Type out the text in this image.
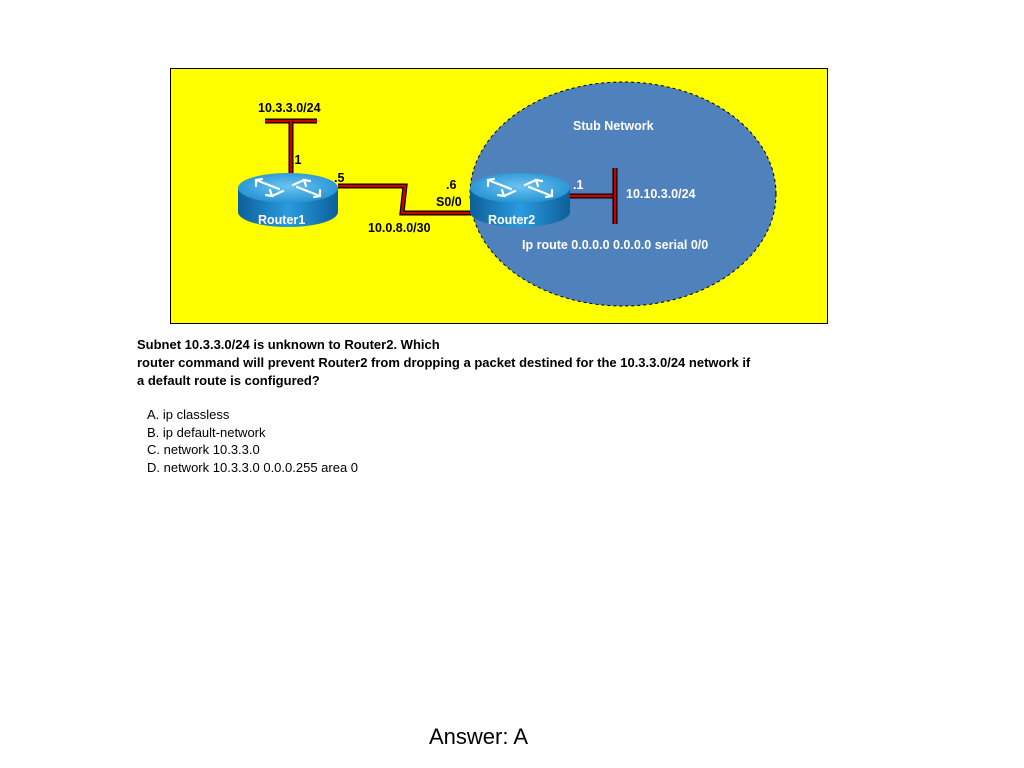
Stub Network
10.3.3.0/24
.1
.5
Router1
.6
S0/0
10.0.8.0/30
Router2
.1
10.10.3.0/24
Ip route 0.0.0.0 0.0.0.0 serial 0/0
Subnet 10.3.3.0/24 is unknown to Router2. Which
router command will prevent Router2 from dropping a packet destined for the 10.3.3.0/24 network if
a default route is configured?
A. ip classless
B. ip default-network
C. network 10.3.3.0
D. network 10.3.3.0 0.0.0.255 area 0
Answer: A
